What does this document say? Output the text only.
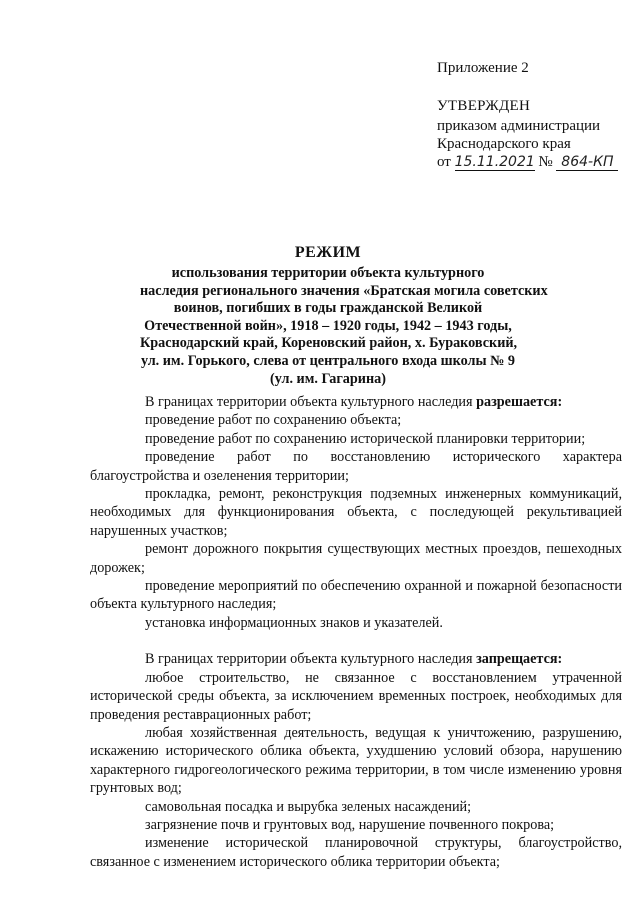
Приложение 2
УТВЕРЖДЕН
приказом администрации
Краснодарского края
от 15.11.2021 № 864-КП
РЕЖИМ
использования территории объекта культурного
наследия регионального значения «Братская могила советских
воинов, погибших в годы гражданской Великой
Отечественной войн», 1918 – 1920 годы, 1942 – 1943 годы,
Краснодарский край, Кореновский район, х. Бураковский,
ул. им. Горького, слева от центрального входа школы № 9
(ул. им. Гагарина)
В границах территории объекта культурного наследия разрешается:
проведение работ по сохранению объекта;
проведение работ по сохранению исторической планировки территории;
проведение работ по восстановлению исторического характера благоустройства и озеленения территории;
прокладка, ремонт, реконструкция подземных инженерных коммуникаций, необходимых для функционирования объекта, с последующей рекультивацией нарушенных участков;
ремонт дорожного покрытия существующих местных проездов, пешеходных дорожек;
проведение мероприятий по обеспечению охранной и пожарной безопасности объекта культурного наследия;
установка информационных знаков и указателей.
В границах территории объекта культурного наследия запрещается:
любое строительство, не связанное с восстановлением утраченной исторической среды объекта, за исключением временных построек, необходимых для проведения реставрационных работ;
любая хозяйственная деятельность, ведущая к уничтожению, разрушению, искажению исторического облика объекта, ухудшению условий обзора, нарушению характерного гидрогеологического режима территории, в том числе изменению уровня грунтовых вод;
самовольная посадка и вырубка зеленых насаждений;
загрязнение почв и грунтовых вод, нарушение почвенного покрова;
изменение исторической планировочной структуры, благоустройство, связанное с изменением исторического облика территории объекта;
